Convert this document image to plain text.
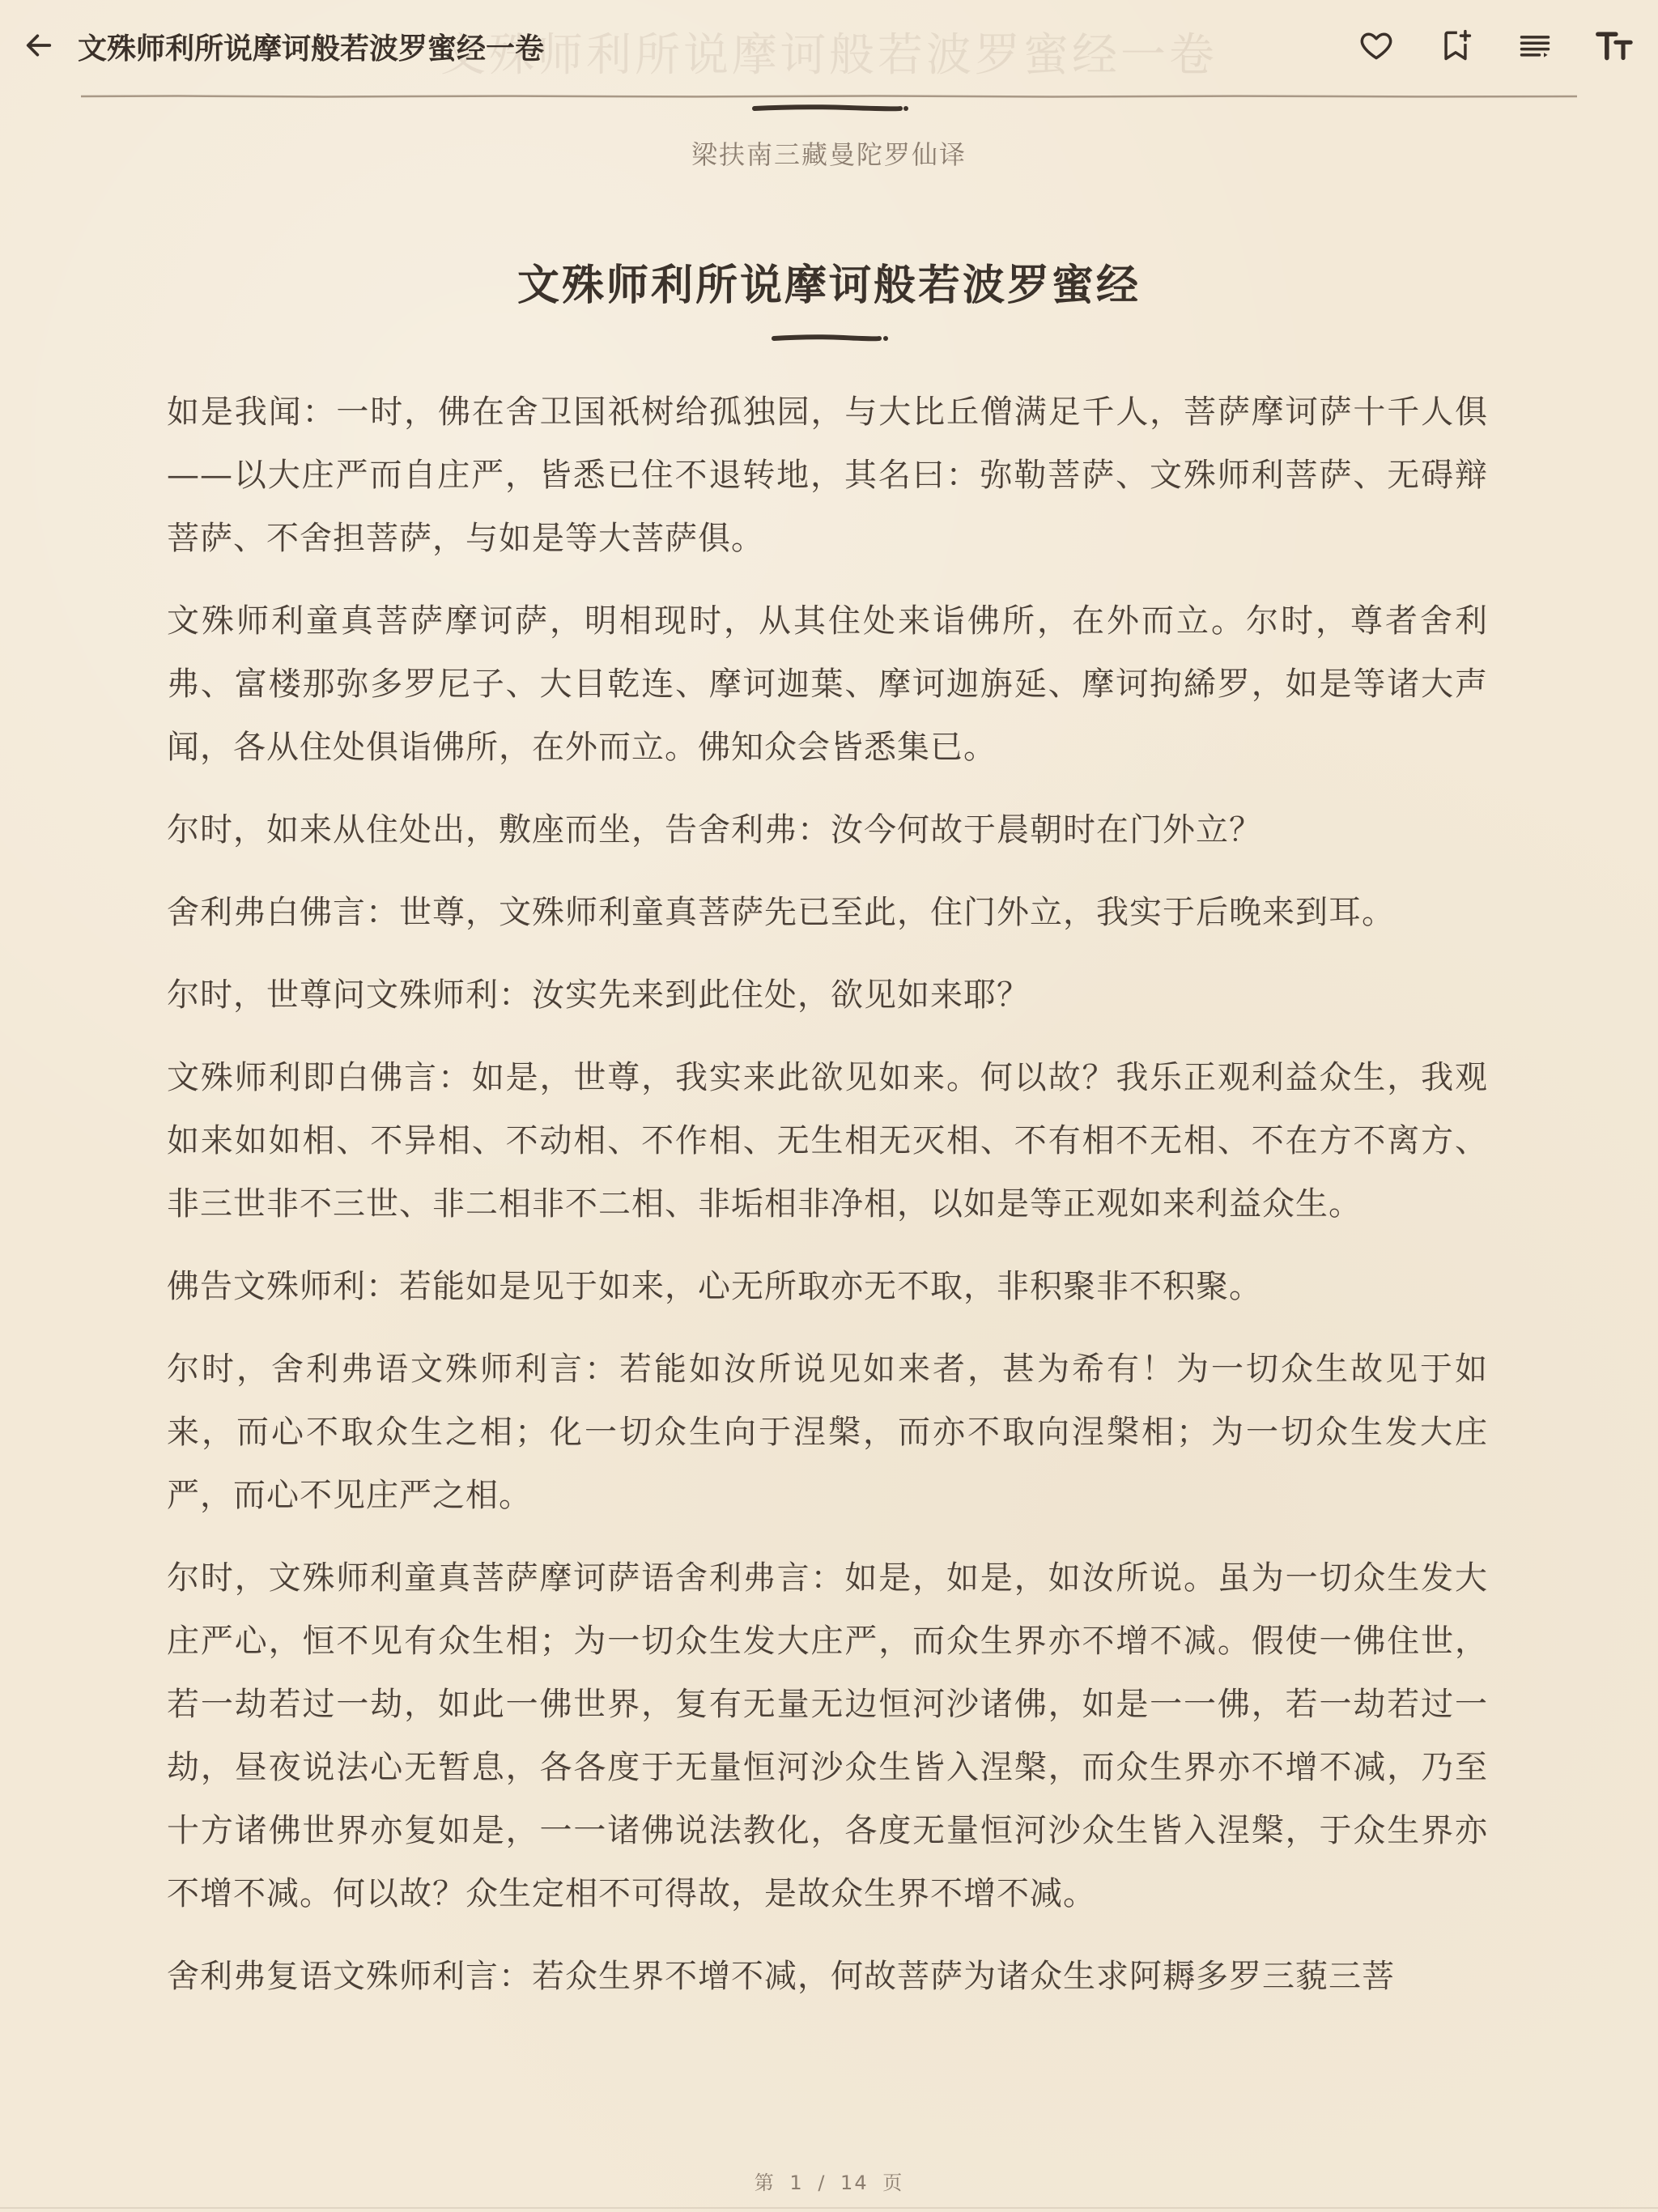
文殊师利所说摩诃般若波罗蜜经一卷
文殊师利所说摩诃般若波罗蜜经一卷
梁扶南三藏曼陀罗仙译
文殊师利所说摩诃般若波罗蜜经

如是我闻：一时，佛在舍卫国祇树给孤独园，与大比丘僧满足千人，菩萨摩诃萨十千人俱——以大庄严而自庄严，皆悉已住不退转地，其名曰：弥勒菩萨、文殊师利菩萨、无碍辩菩萨、不舍担菩萨，与如是等大菩萨俱。

文殊师利童真菩萨摩诃萨，明相现时，从其住处来诣佛所，在外而立。尔时，尊者舍利弗、富楼那弥多罗尼子、大目乾连、摩诃迦葉、摩诃迦旃延、摩诃拘絺罗，如是等诸大声闻，各从住处俱诣佛所，在外而立。佛知众会皆悉集已。

尔时，如来从住处出，敷座而坐，告舍利弗：汝今何故于晨朝时在门外立？

舍利弗白佛言：世尊，文殊师利童真菩萨先已至此，住门外立，我实于后晚来到耳。

尔时，世尊问文殊师利：汝实先来到此住处，欲见如来耶？

文殊师利即白佛言：如是，世尊，我实来此欲见如来。何以故？我乐正观利益众生，我观如来如如相、不异相、不动相、不作相、无生相无灭相、不有相不无相、不在方不离方、非三世非不三世、非二相非不二相、非垢相非净相，以如是等正观如来利益众生。

佛告文殊师利：若能如是见于如来，心无所取亦无不取，非积聚非不积聚。

尔时，舍利弗语文殊师利言：若能如汝所说见如来者，甚为希有！为一切众生故见于如来，而心不取众生之相；化一切众生向于涅槃，而亦不取向涅槃相；为一切众生发大庄严，而心不见庄严之相。

尔时，文殊师利童真菩萨摩诃萨语舍利弗言：如是，如是，如汝所说。虽为一切众生发大庄严心，恒不见有众生相；为一切众生发大庄严，而众生界亦不增不减。假使一佛住世，若一劫若过一劫，如此一佛世界，复有无量无边恒河沙诸佛，如是一一佛，若一劫若过一劫，昼夜说法心无暂息，各各度于无量恒河沙众生皆入涅槃，而众生界亦不增不减，乃至十方诸佛世界亦复如是，一一诸佛说法教化，各度无量恒河沙众生皆入涅槃，于众生界亦不增不减。何以故？众生定相不可得故，是故众生界不增不减。

舍利弗复语文殊师利言：若众生界不增不减，何故菩萨为诸众生求阿耨多罗三藐三菩

第 1 / 14 页
